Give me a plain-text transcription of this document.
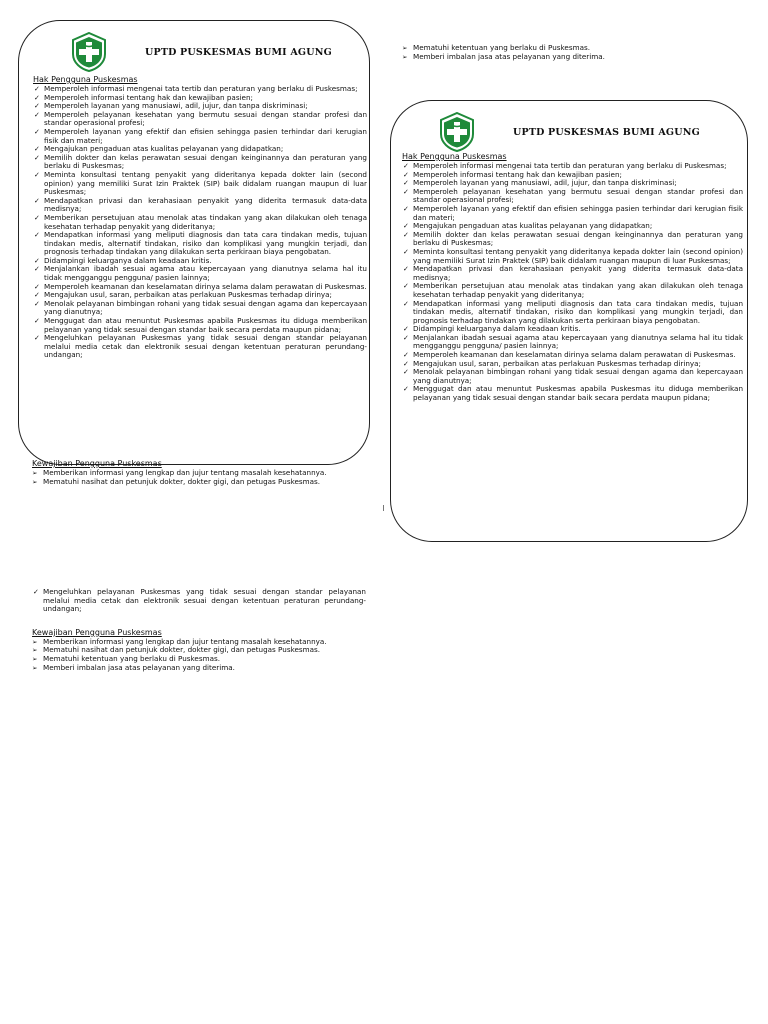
UPTD PUSKESMAS BUMI AGUNG
Hak Pengguna Puskesmas
✓ Memperoleh informasi mengenai tata tertib dan peraturan yang berlaku di Puskesmas;
✓ Memperoleh informasi tentang hak dan kewajiban pasien;
✓ Memperoleh layanan yang manusiawi, adil, jujur, dan tanpa diskriminasi;
✓ Memperoleh pelayanan kesehatan yang bermutu sesuai dengan standar profesi dan standar operasional profesi;
✓ Memperoleh layanan yang efektif dan efisien sehingga pasien terhindar dari kerugian fisik dan materi;
✓ Mengajukan pengaduan atas kualitas pelayanan yang didapatkan;
✓ Memilih dokter dan kelas perawatan sesuai dengan keinginannya dan peraturan yang berlaku di Puskesmas;
✓ Meminta konsultasi tentang penyakit yang dideritanya kepada dokter lain (second opinion) yang memiliki Surat Izin Praktek (SIP) baik didalam ruangan maupun di luar Puskesmas;
✓ Mendapatkan privasi dan kerahasiaan penyakit yang diderita termasuk data-data medisnya;
✓ Memberikan persetujuan atau menolak atas tindakan yang akan dilakukan oleh tenaga kesehatan terhadap penyakit yang dideritanya;
✓ Mendapatkan informasi yang meliputi diagnosis dan tata cara tindakan medis, tujuan tindakan medis, alternatif tindakan, risiko dan komplikasi yang mungkin terjadi, dan prognosis terhadap tindakan yang dilakukan serta perkiraan biaya pengobatan.
✓ Didampingi keluarganya dalam keadaan kritis.
✓ Menjalankan ibadah sesuai agama atau kepercayaan yang dianutnya selama hal itu tidak mengganggu pengguna/ pasien lainnya;
✓ Memperoleh keamanan dan keselamatan dirinya selama dalam perawatan di Puskesmas.
✓ Mengajukan usul, saran, perbaikan atas perlakuan Puskesmas terhadap dirinya;
✓ Menolak pelayanan bimbingan rohani yang tidak sesuai dengan agama dan kepercayaan yang dianutnya;
✓ Menggugat dan atau menuntut Puskesmas apabila Puskesmas itu diduga memberikan pelayanan yang tidak sesuai dengan standar baik secara perdata maupun pidana;
✓ Mengeluhkan pelayanan Puskesmas yang tidak sesuai dengan standar pelayanan melalui media cetak dan elektronik sesuai dengan ketentuan peraturan perundang-undangan;
Kewajiban Pengguna Puskesmas
➢ Memberikan informasi yang lengkap dan jujur tentang masalah kesehatannya.
➢ Mematuhi nasihat dan petunjuk dokter, dokter gigi, dan petugas Puskesmas.
➢ Mematuhi ketentuan yang berlaku di Puskesmas.
➢ Memberi imbalan jasa atas pelayanan yang diterima.
UPTD PUSKESMAS BUMI AGUNG
Hak Pengguna Puskesmas
✓ Memperoleh informasi mengenai tata tertib dan peraturan yang berlaku di Puskesmas;
✓ Memperoleh informasi tentang hak dan kewajiban pasien;
✓ Memperoleh layanan yang manusiawi, adil, jujur, dan tanpa diskriminasi;
✓ Memperoleh pelayanan kesehatan yang bermutu sesuai dengan standar profesi dan standar operasional profesi;
✓ Memperoleh layanan yang efektif dan efisien sehingga pasien terhindar dari kerugian fisik dan materi;
✓ Mengajukan pengaduan atas kualitas pelayanan yang didapatkan;
✓ Memilih dokter dan kelas perawatan sesuai dengan keinginannya dan peraturan yang berlaku di Puskesmas;
✓ Meminta konsultasi tentang penyakit yang dideritanya kepada dokter lain (second opinion) yang memiliki Surat Izin Praktek (SIP) baik didalam ruangan maupun di luar Puskesmas;
✓ Mendapatkan privasi dan kerahasiaan penyakit yang diderita termasuk data-data medisnya;
✓ Memberikan persetujuan atau menolak atas tindakan yang akan dilakukan oleh tenaga kesehatan terhadap penyakit yang dideritanya;
✓ Mendapatkan informasi yang meliputi diagnosis dan tata cara tindakan medis, tujuan tindakan medis, alternatif tindakan, risiko dan komplikasi yang mungkin terjadi, dan prognosis terhadap tindakan yang dilakukan serta perkiraan biaya pengobatan.
✓ Didampingi keluarganya dalam keadaan kritis.
✓ Menjalankan ibadah sesuai agama atau kepercayaan yang dianutnya selama hal itu tidak mengganggu pengguna/ pasien lainnya;
✓ Memperoleh keamanan dan keselamatan dirinya selama dalam perawatan di Puskesmas.
✓ Mengajukan usul, saran, perbaikan atas perlakuan Puskesmas terhadap dirinya;
✓ Menolak pelayanan bimbingan rohani yang tidak sesuai dengan agama dan kepercayaan yang dianutnya;
✓ Menggugat dan atau menuntut Puskesmas apabila Puskesmas itu diduga memberikan pelayanan yang tidak sesuai dengan standar baik secara perdata maupun pidana;
✓ Mengeluhkan pelayanan Puskesmas yang tidak sesuai dengan standar pelayanan melalui media cetak dan elektronik sesuai dengan ketentuan peraturan perundang-undangan;
Kewajiban Pengguna Puskesmas
➢ Memberikan informasi yang lengkap dan jujur tentang masalah kesehatannya.
➢ Mematuhi nasihat dan petunjuk dokter, dokter gigi, dan petugas Puskesmas.
➢ Mematuhi ketentuan yang berlaku di Puskesmas.
➢ Memberi imbalan jasa atas pelayanan yang diterima.
